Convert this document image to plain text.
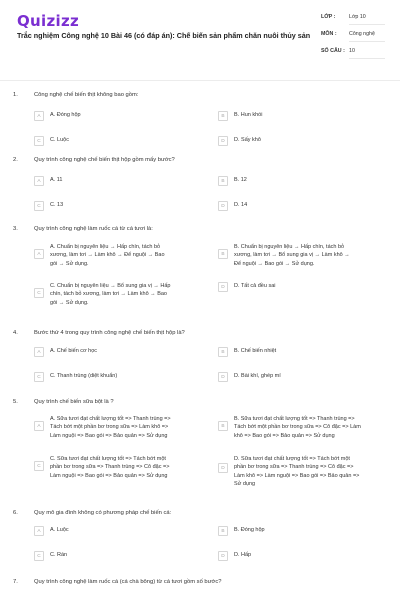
Quizizz
Trắc nghiệm Công nghệ 10 Bài 46 (có đáp án): Chế biến sản phẩm chăn nuôi thủy sản
LỚP :	Lớp 10
MÔN :	Công nghệ
SỐ CÂU : 10
1.	Công nghệ chế biến thịt không bao gồm:
A	A. Đóng hộp	B	B. Hun khói
C	C. Luộc	D	D. Sấy khô
2.	Quy trình công nghệ chế biến thịt hộp gồm mấy bước?
A	A. 11	B	B. 12
C	C. 13	D	D. 14
3.	Quy trình công nghệ làm ruốc cá từ cá tươi là:
A
A. Chuẩn bị nguyên liệu → Hấp chín, tách bỏ
xương, làm tơi → Làm khô → Để nguội → Bao
gói → Sử dụng.
B
B. Chuẩn bị nguyên liệu → Hấp chín, tách bỏ
xương, làm tơi → Bổ sung gia vị → Làm khô →
Để nguội → Bao gói → Sử dụng.
C
C. Chuẩn bị nguyên liệu → Bổ sung gia vị → Hấp
chín, tách bỏ xương, làm tơi → Làm khô → Bao
gói → Sử dụng.
D	D. Tất cả đều sai
4.	Bước thứ 4 trong quy trình công nghệ chế biến thịt hộp là?
A	A. Chế biến cơ học	B	B. Chế biến nhiệt
C	C. Thanh trùng (diệt khuẩn)	D	D. Bài khí, ghép mí
5.	Quy trình chế biến sữa bột là ?
A
A. Sữa tươi đạt chất lượng tốt => Thanh trùng =>
Tách bớt một phần bơ trong sữa => Làm khô =>
Làm nguội => Bao gói => Bảo quản => Sử dụng
B
B. Sữa tươi đạt chất lượng tốt => Thanh trùng =>
Tách bớt một phần bơ trong sữa => Cô đặc => Làm
khô => Bao gói => Bảo quản => Sử dụng
C
C. Sữa tươi đạt chất lượng tốt => Tách bớt một
phần bơ trong sữa => Thanh trùng => Cô đặc =>
Làm nguội => Bao gói => Bảo quản => Sử dụng
D
D. Sữa tươi đạt chất lượng tốt => Tách bớt một
phần bơ trong sữa => Thanh trùng => Cô đặc =>
Làm khô => Làm nguội => Bao gói => Bảo quản =>
Sử dụng
6.	Quy mô gia đình không có phương pháp chế biến cá:
A	A. Luộc	B	B. Đóng hộp
C	C. Rán	D	D. Hấp
7.	Quy trình công nghệ làm ruốc cá (cá chà bông) từ cá tươi gồm số bước?
